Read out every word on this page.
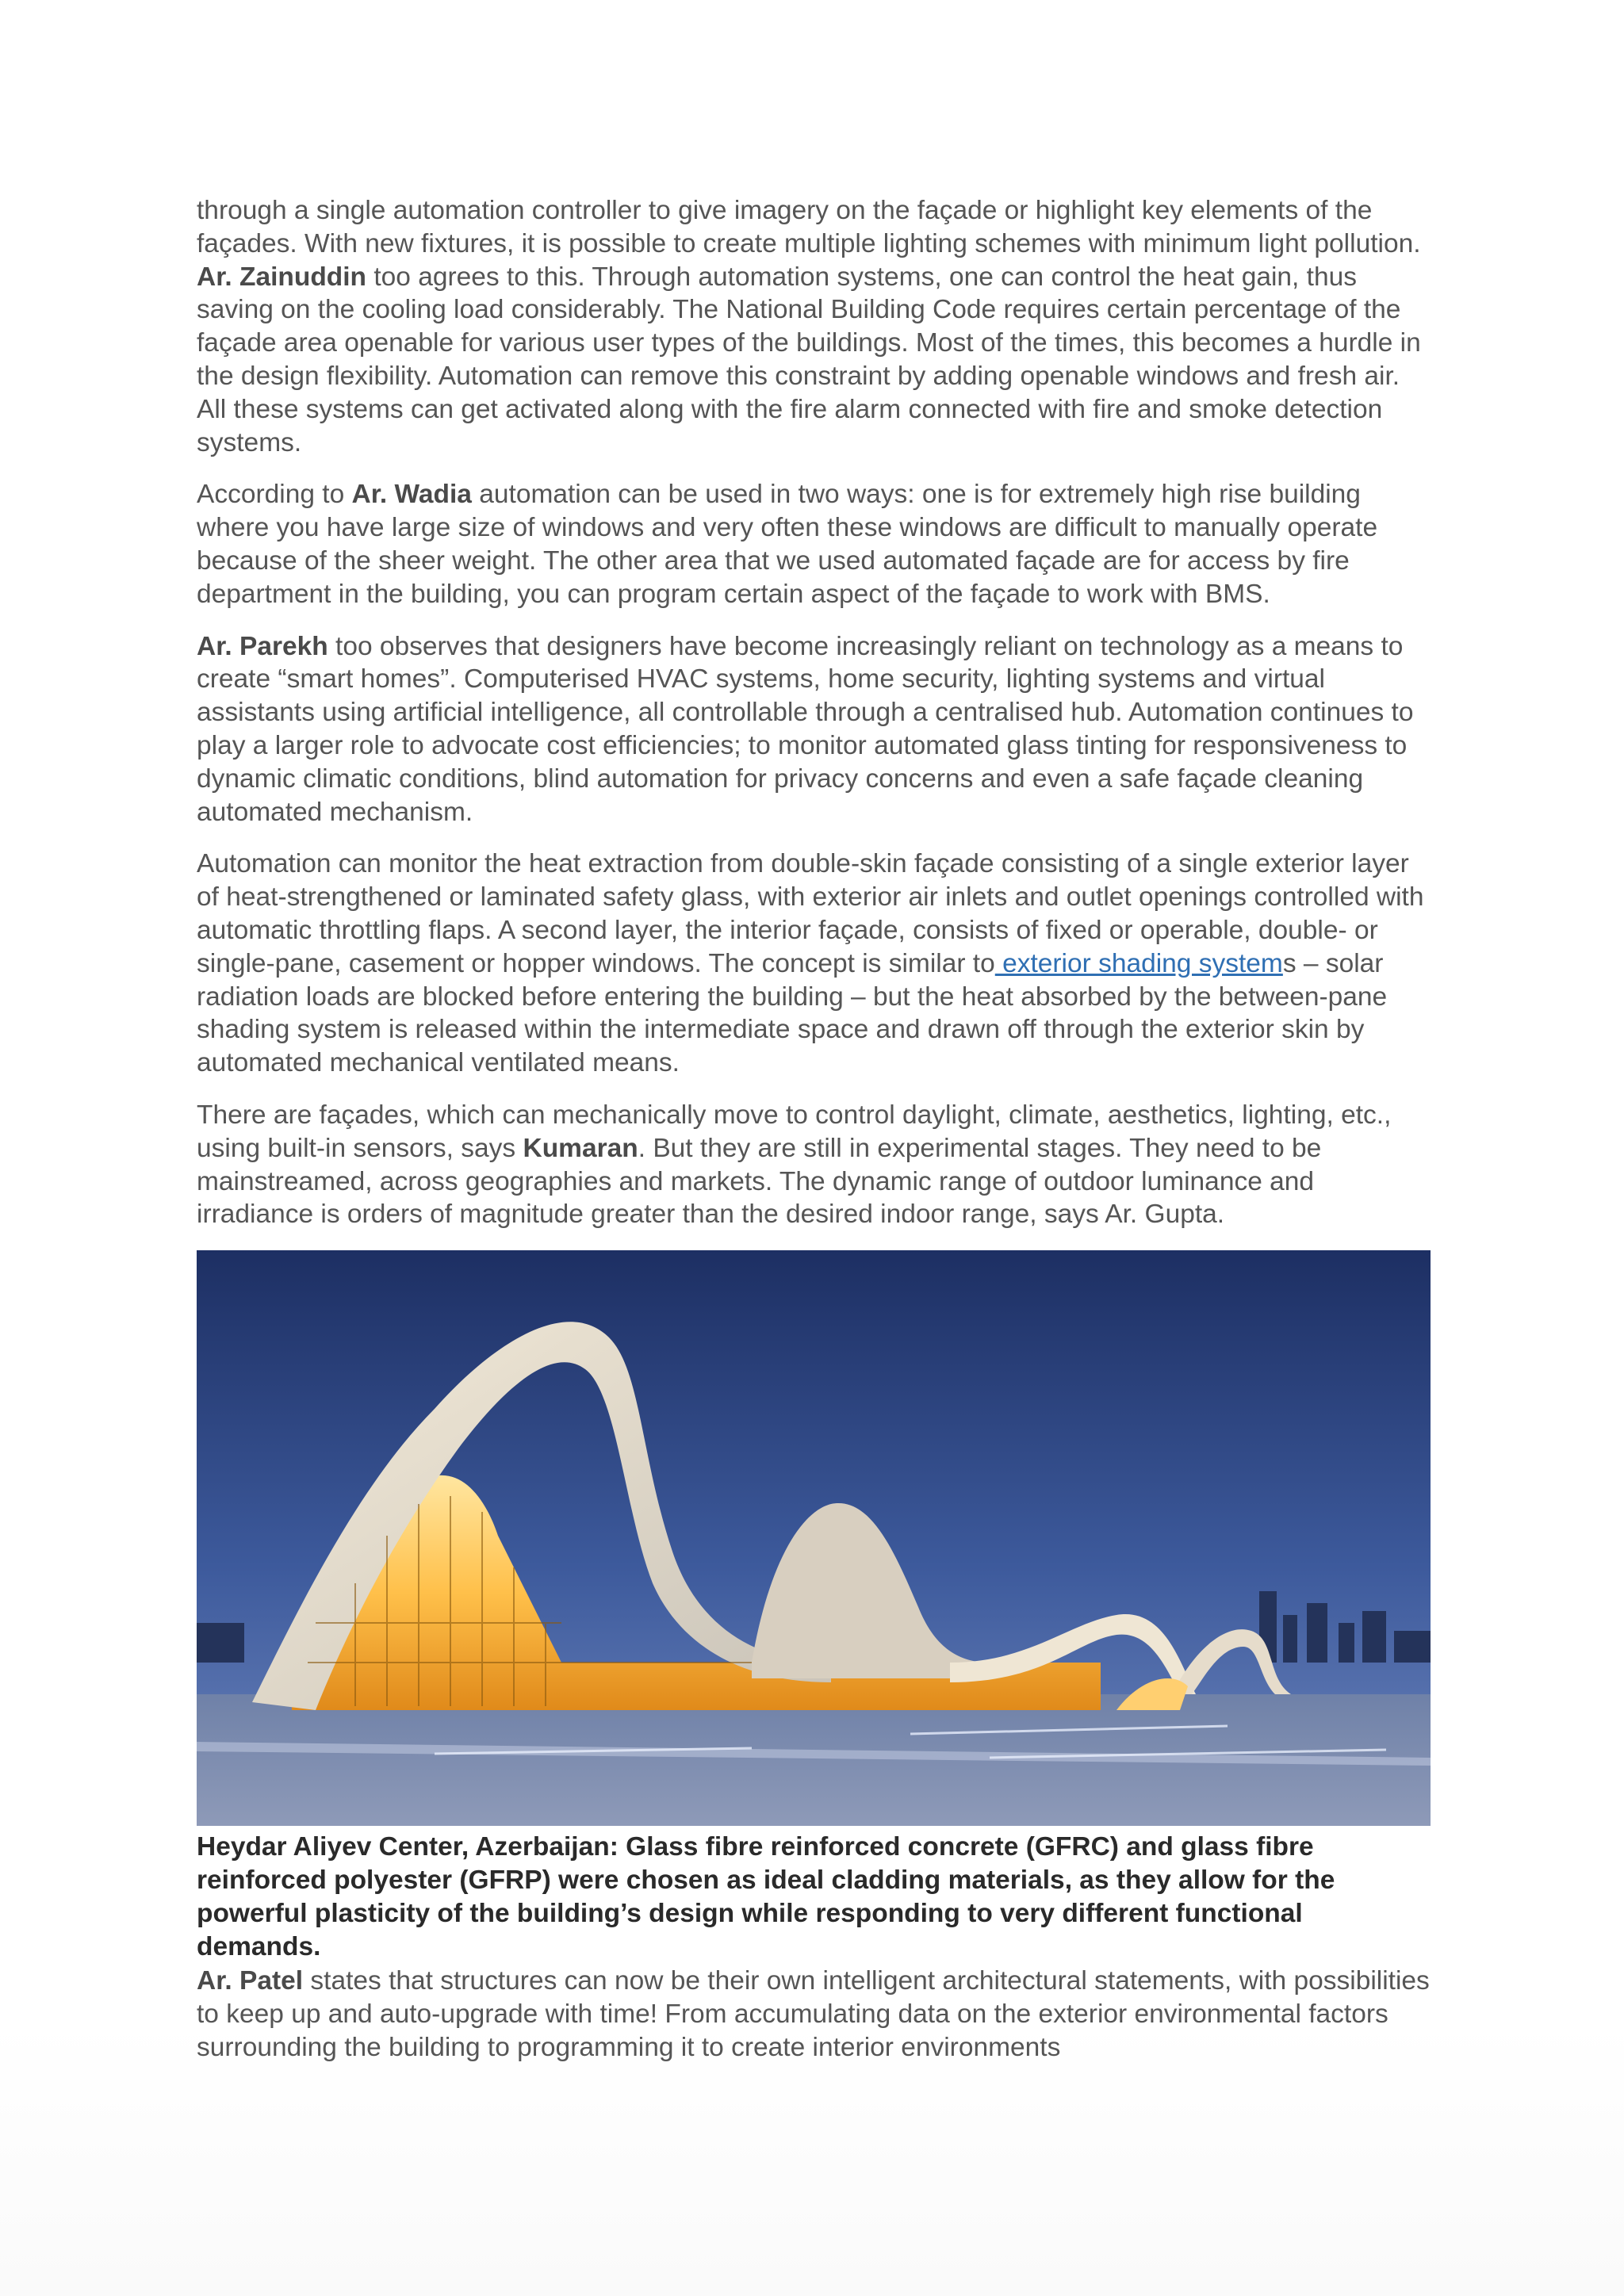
through a single automation controller to give imagery on the façade or highlight key elements of the façades. With new fixtures, it is possible to create multiple lighting schemes with minimum light pollution. Ar. Zainuddin too agrees to this. Through automation systems, one can control the heat gain, thus saving on the cooling load considerably. The National Building Code requires certain percentage of the façade area openable for various user types of the buildings. Most of the times, this becomes a hurdle in the design flexibility. Automation can remove this constraint by adding openable windows and fresh air. All these systems can get activated along with the fire alarm connected with fire and smoke detection systems.

According to Ar. Wadia automation can be used in two ways: one is for extremely high rise building where you have large size of windows and very often these windows are difficult to manually operate because of the sheer weight. The other area that we used automated façade are for access by fire department in the building, you can program certain aspect of the façade to work with BMS.

Ar. Parekh too observes that designers have become increasingly reliant on technology as a means to create “smart homes”. Computerised HVAC systems, home security, lighting systems and virtual assistants using artificial intelligence, all controllable through a centralised hub. Automation continues to play a larger role to advocate cost efficiencies; to monitor automated glass tinting for responsiveness to dynamic climatic conditions, blind automation for privacy concerns and even a safe façade cleaning automated mechanism.

Automation can monitor the heat extraction from double-skin façade consisting of a single exterior layer of heat-strengthened or laminated safety glass, with exterior air inlets and outlet openings controlled with automatic throttling flaps. A second layer, the interior façade, consists of fixed or operable, double- or single-pane, casement or hopper windows. The concept is similar to exterior shading systems – solar radiation loads are blocked before entering the building – but the heat absorbed by the between-pane shading system is released within the intermediate space and drawn off through the exterior skin by automated mechanical ventilated means.

There are façades, which can mechanically move to control daylight, climate, aesthetics, lighting, etc., using built-in sensors, says Kumaran. But they are still in experimental stages. They need to be mainstreamed, across geographies and markets. The dynamic range of outdoor luminance and irradiance is orders of magnitude greater than the desired indoor range, says Ar. Gupta.

Heydar Aliyev Center, Azerbaijan: Glass fibre reinforced concrete (GFRC) and glass fibre reinforced polyester (GFRP) were chosen as ideal cladding materials, as they allow for the powerful plasticity of the building’s design while responding to very different functional demands.

Ar. Patel states that structures can now be their own intelligent architectural statements, with possibilities to keep up and auto-upgrade with time! From accumulating data on the exterior environmental factors surrounding the building to programming it to create interior environments
